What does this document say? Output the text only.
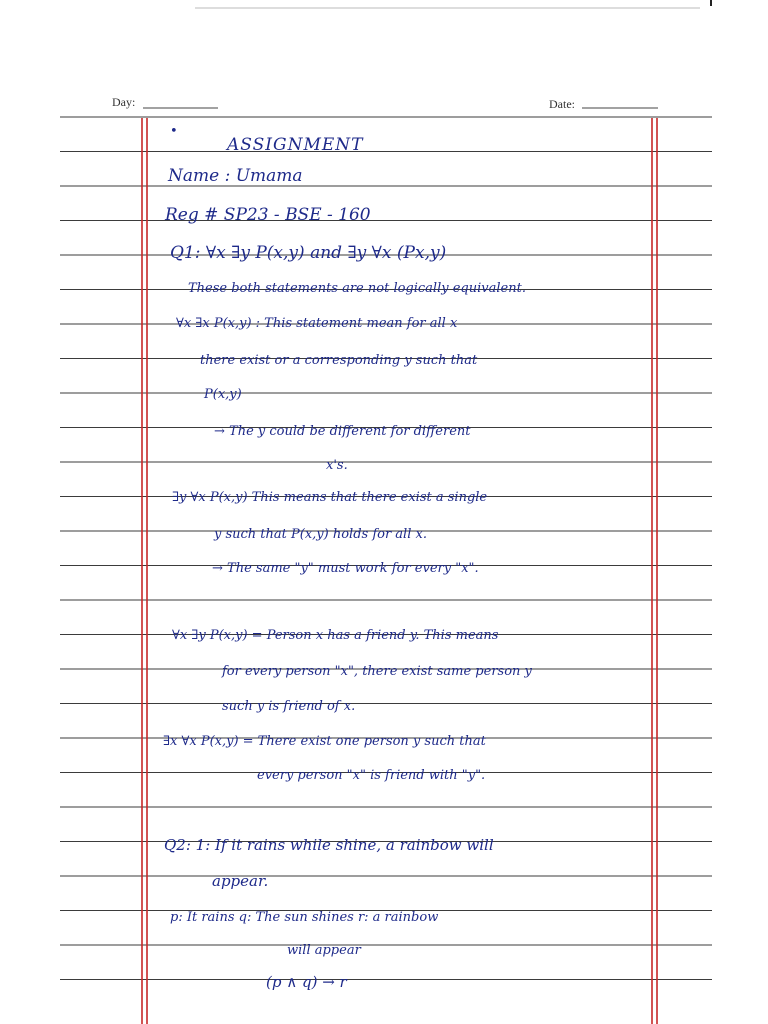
Day:	Date:
•
ASSIGNMENT
Name : Umama
Reg # SP23 - BSE - 160
Q1: ∀x ∃y P(x,y) and ∃y ∀x (Px,y)
These both statements are not logically equivalent.
∀x ∃x P(x,y) : This statement mean for all x
there exist or a corresponding y such that
P(x,y)
→ The y could be different for different
x's.
∃y ∀x P(x,y) This means that there exist a single
y such that P(x,y) holds for all x.
→ The same "y" must work for every "x".
∀x ∃y P(x,y) = Person x has a friend y. This means
for every person "x", there exist same person y
such y is friend of x.
∃x ∀x P(x,y) = There exist one person y such that
every person "x" is friend with "y".
Q2: 1: If it rains while shine, a rainbow will
appear.
p: It rains q: The sun shines r: a rainbow
will appear
(p ∧ q) → r
